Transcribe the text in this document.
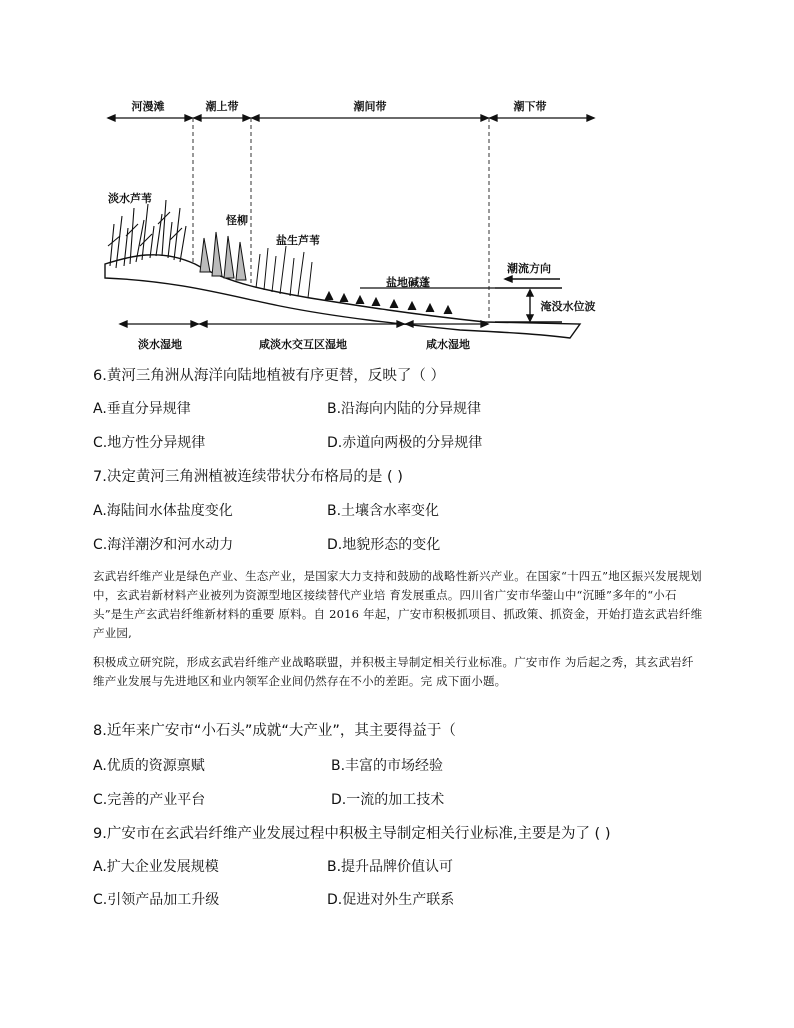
河漫滩	潮上带	潮间带	潮下带
潮流方向
淹没水位波
淡水芦苇
怪柳
盐生芦苇
盐地碱蓬
淡水湿地	咸淡水交互区湿地	咸水湿地
6.黄河三角洲从海洋向陆地植被有序更替，反映了（ ）
A.垂直分异规律	B.沿海向内陆的分异规律
C.地方性分异规律	D.赤道向两极的分异规律
7.决定黄河三角洲植被连续带状分布格局的是 ( )
A.海陆间水体盐度变化	B.土壤含水率变化
C.海洋潮汐和河水动力	D.地貌形态的变化
玄武岩纤维产业是绿色产业、生态产业，是国家大力支持和鼓励的战略性新兴产业。在国家“十四五”地区振兴发展规划中，玄武岩新材料产业被列为资源型地区接续替代产业培 育发展重点。四川省广安市华蓥山中“沉睡”多年的“小石头”是生产玄武岩纤维新材料的重要 原料。自 2016 年起，广安市积极抓项目、抓政策、抓资金，开始打造玄武岩纤维产业园,
积极成立研究院，形成玄武岩纤维产业战略联盟，并积极主导制定相关行业标准。广安市作 为后起之秀，其玄武岩纤维产业发展与先进地区和业内领军企业间仍然存在不小的差距。完 成下面小题。
8.近年来广安市“小石头”成就“大产业”，其主要得益于（
A.优质的资源禀赋	B.丰富的市场经验
C.完善的产业平台	D.一流的加工技术
9.广安市在玄武岩纤维产业发展过程中积极主导制定相关行业标准,主要是为了 ( )
A.扩大企业发展规模	B.提升品牌价值认可
C.引领产品加工升级	D.促进对外生产联系
